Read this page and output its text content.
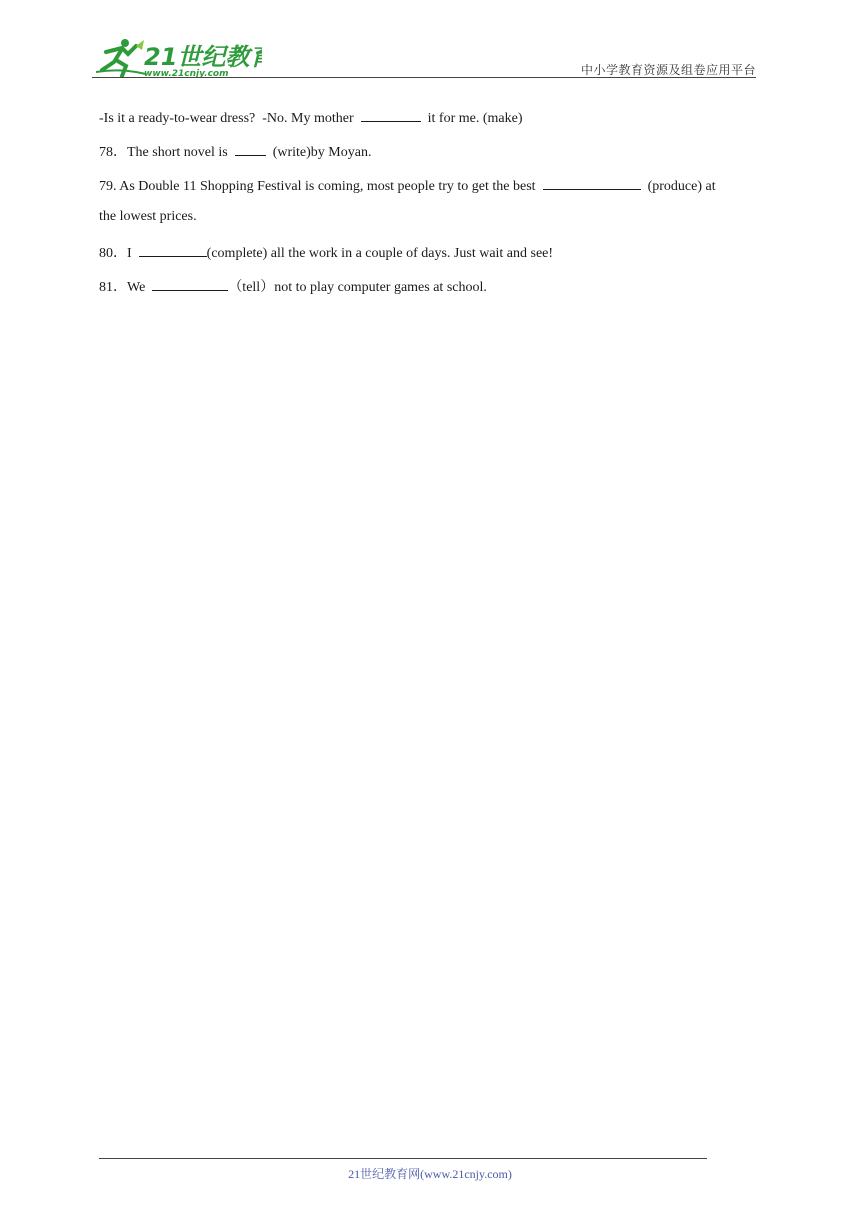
21世纪教育
www.21cnjy.com	中小学教育资源及组卷应用平台
-Is it a ready-to-wear dress?  -No. My mother	it for me. (make)
78．The short novel is    (write)by Moyan.
79. As Double 11 Shopping Festival is coming, most people try to get the best	(produce) at
the lowest prices.
80．I	(complete) all the work in a couple of days. Just wait and see!
81．We	（tell）not to play computer games at school.
21世纪教育网(www.21cnjy.com)
